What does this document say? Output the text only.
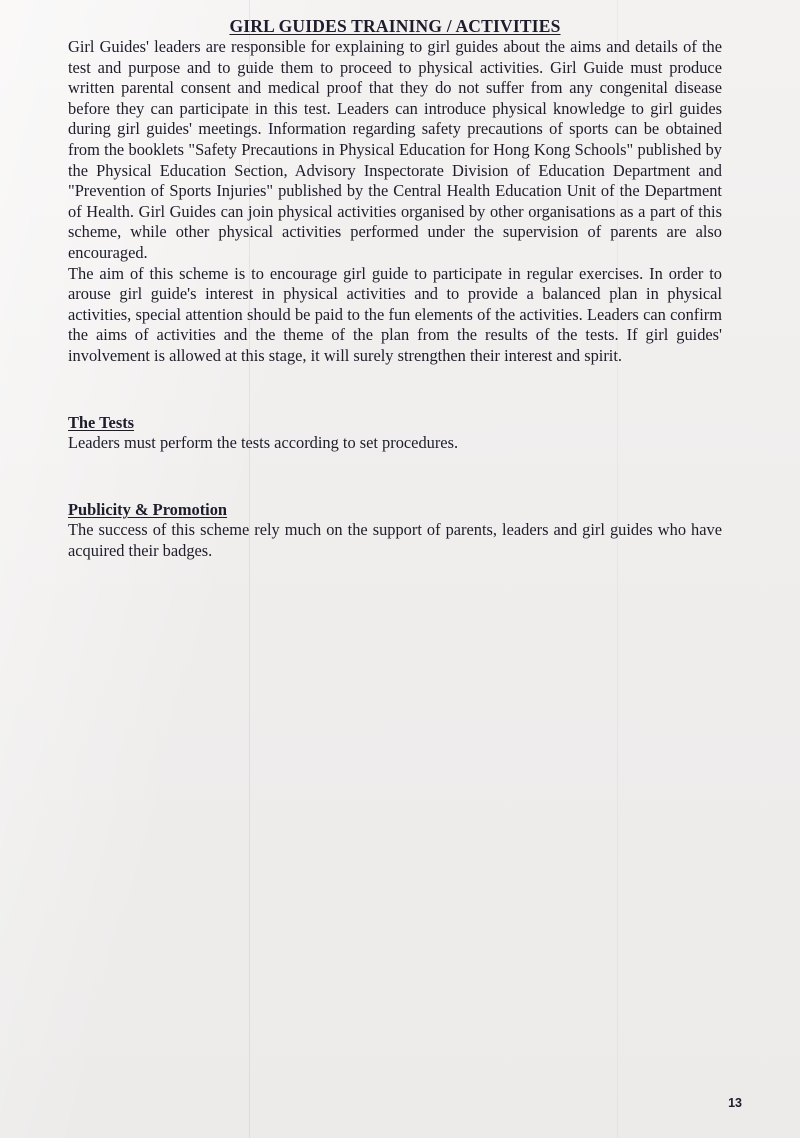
GIRL GUIDES TRAINING / ACTIVITIES

Girl Guides' leaders are responsible for explaining to girl guides about the aims and details of the test and purpose and to guide them to proceed to physical activities. Girl Guide must produce written parental consent and medical proof that they do not suffer from any congenital disease before they can participate in this test. Leaders can introduce physical knowledge to girl guides during girl guides' meetings. Information regarding safety precautions of sports can be obtained from the booklets "Safety Precautions in Physical Education for Hong Kong Schools" published by the Physical Education Section, Advisory Inspectorate Division of Education Department and "Prevention of Sports Injuries" published by the Central Health Education Unit of the Department of Health. Girl Guides can join physical activities organised by other organisations as a part of this scheme, while other physical activities performed under the supervision of parents are also encouraged.

The aim of this scheme is to encourage girl guide to participate in regular exercises. In order to arouse girl guide's interest in physical activities and to provide a balanced plan in physical activities, special attention should be paid to the fun elements of the activities. Leaders can confirm the aims of activities and the theme of the plan from the results of the tests. If girl guides' involvement is allowed at this stage, it will surely strengthen their interest and spirit.

The Tests

Leaders must perform the tests according to set procedures.

Publicity & Promotion

The success of this scheme rely much on the support of parents, leaders and girl guides who have acquired their badges.

13
